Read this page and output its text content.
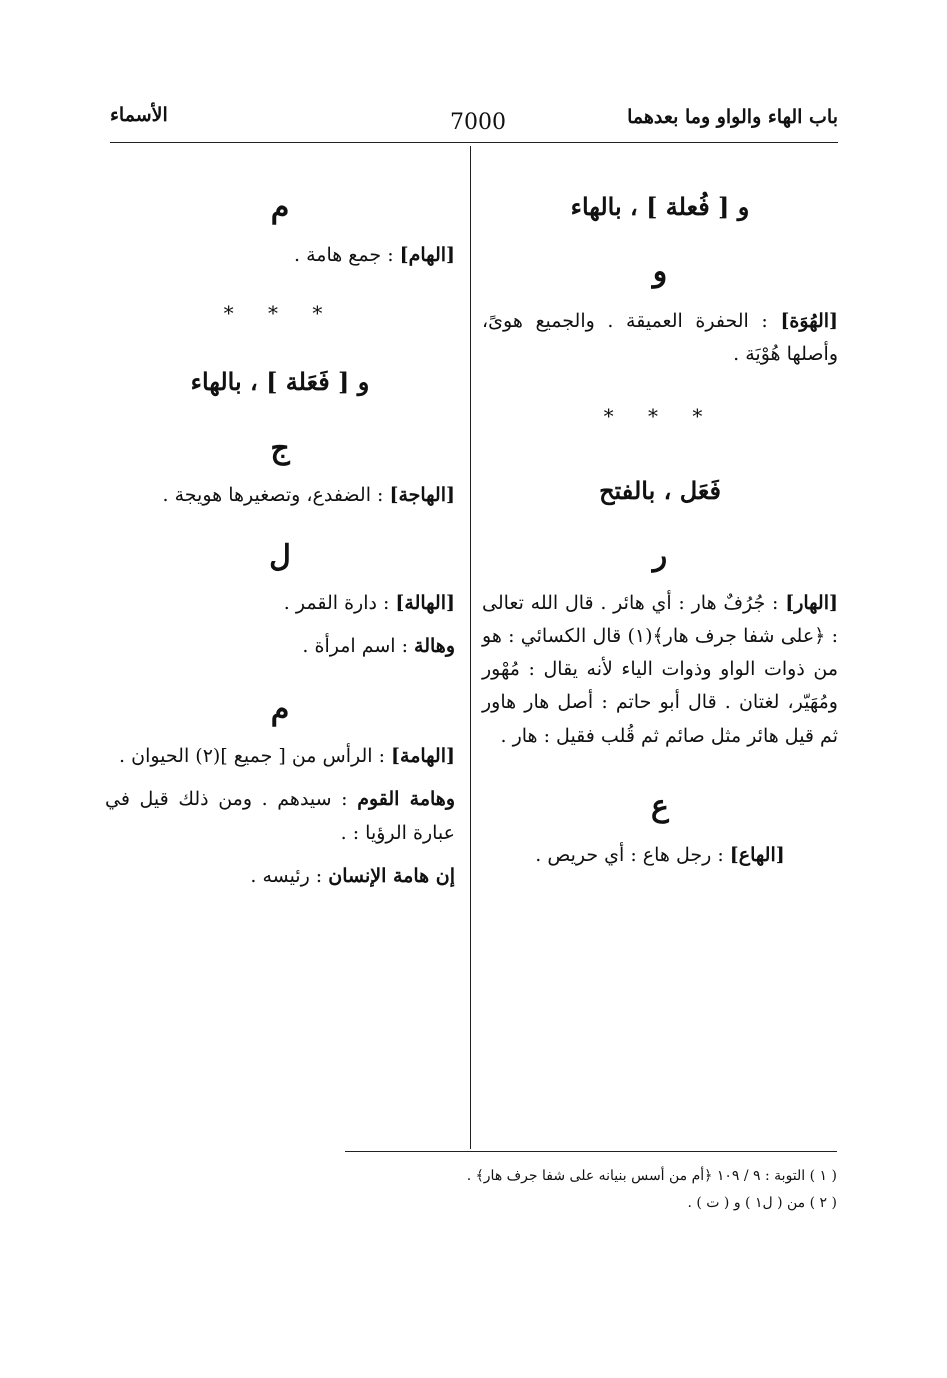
الأسماء	7000	باب الهاء والواو وما بعدهما

و [ فُعلة ] ، بالهاء

و

[الهُوَة] : الحفرة العميقة . والجميع هوىً، وأصلها هُوْيَة .

* * *

فَعَل ، بالفتح

ر

[الهار] : جُرُفٌ هار : أي هائر . قال الله تعالى : ﴿على شفا جرف هار﴾(١) قال الكسائي : هو من ذوات الواو وذوات الياء لأنه يقال : مُهْور ومُهَيّر، لغتان . قال أبو حاتم : أصل هار هاور ثم قيل هائر مثل صائم ثم قُلب فقيل : هار .

ع

[الهاع] : رجل هاع : أي حريص .

م

[الهام] : جمع هامة .

* * *

و [ فَعَلة ] ، بالهاء

ج

[الهاجة] : الضفدع، وتصغيرها هويجة .

ل

[الهالة] : دارة القمر .

وهالة : اسم امرأة .

م

[الهامة] : الرأس من [ جميع ](٢) الحيوان .

وهامة القوم : سيدهم . ومن ذلك قيل في عبارة الرؤيا : .

إن هامة الإنسان : رئيسه .

( ١ ) التوبة : ٩ / ١٠٩ ﴿أم من أسس بنيانه على شفا جرف هار﴾ .
( ٢ ) من ( ل١ ) و ( ت ) .
